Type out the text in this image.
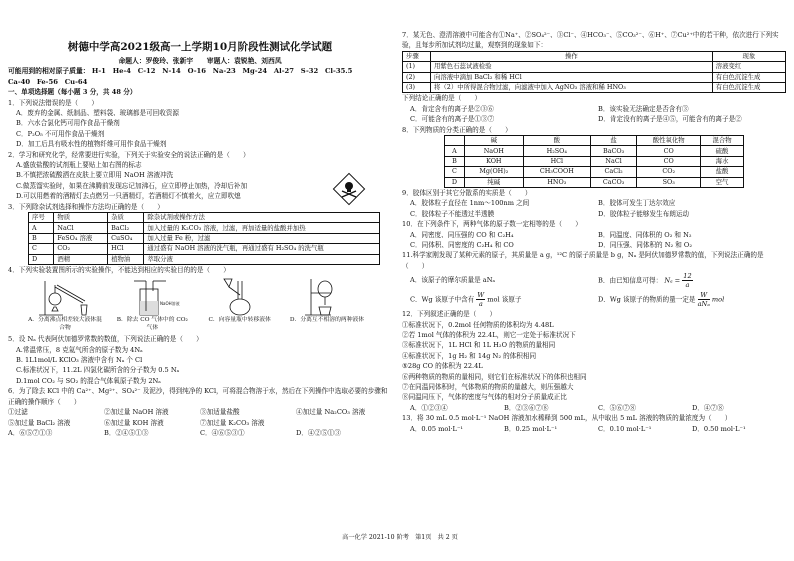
树德中学高2021级高一上学期10月阶段性测试化学试题
命题人：罗俊玲、张新宇　　审题人：袁锐艳、刘西凤
可能用到的相对原子质量： H-1　He-4　C-12　N-14　O-16　Na-23　Mg-24　Al-27　S-32　Cl-35.5
Ca-40　Fe-56　Cu-64
一、单项选择题（每小题 3 分，共 48 分）
1．下列说法错误的是（　　）
A．废弃的金属、纸制品、塑料袋、玻璃都是可回收资源
B．六水合氯化钙可用作食品干燥剂
C．P₂O₅ 不可用作食品干燥剂
D．加工后具有吸水性的植物纤维可用作食品干燥剂
2．学习和研究化学，经常要进行实验，下列关于实验安全的说法正确的是（　　）
A.盛放盐酸的试剂瓶上要贴上如右图的标志
B.不慎把浓硫酸洒在皮肤上要立即用 NaOH 溶液冲洗
C.做蒸馏实验时，如果在沸腾前发现忘记加沸石，应立即停止加热，冷却后补加
D.可以用燃着的酒精灯去点燃另一只酒精灯，若酒精灯不慎着火，应立即吹熄
3．下列除杂试剂选择和操作方法均正确的是（　　）
序号	物质	杂质	除杂试剂或操作方法
A	NaCl	BaCl₂	加入过量的 K₂CO₃ 溶液，过滤，再加适量的盐酸并加热
B	FeSO₄ 溶液	CuSO₄	加入过量 Fe 粉，过滤
C	CO₂	HCl	通过盛有 NaOH 溶液的洗气瓶，再通过盛有 H₂SO₄ 的洗气瓶
D	酒精	植物油	萃取分液
4．下列实验装置图所示的实验操作，不能达到相应的实验目的的是（　　）
A．分离沸点相差较大液体混合物
NaOH溶液
B．除去 CO 气体中的 CO₂ 气体
C．向容量瓶中转移液体	D．分离互不相溶的两种液体
5．设 Nₐ 代表阿伏加德罗常数的数值，下列说法正确的是（　　）
A.常温常压，8 克氦气所含的原子数为 4Nₐ
B. 1L1mol/L KClO₃ 溶液中含有 Nₐ 个 Cl
C.标准状况下，11.2L 四氯化碳所含的分子数为 0.5 Nₐ
D.1mol CO₂ 与 SO₂ 的混合气体氧原子数为 2Nₐ
6．为了除去 KCl 中的 Ca²⁺、Mg²⁺、SO₄²⁻ 及泥沙，得到纯净的 KCl，可将混合物溶于水，然后在下列操作中选取必要的步骤和正确的操作顺序（　　）
①过滤	②加过量 NaOH 溶液	③加适量盐酸	④加过量 Na₂CO₃ 溶液
⑤加过量 BaCl₂ 溶液	⑥加过量 KOH 溶液	⑦加过量 K₂CO₃ 溶液
A．⑥⑤⑦①③	B．②④⑤①③	C．④⑥⑤③①	D．④②⑤①③
7．某无色、澄清溶液中可能含有①Na⁺、②SO₄²⁻、③Cl⁻、④HCO₃⁻、⑤CO₃²⁻、⑥H⁺、⑦Cu²⁺中的若干种，依次进行下列实验，且每步所加试剂均过量，观察到的现象如下：
步骤	操作	现象
(1)	用紫色石蕊试液检验	溶液变红
(2)	向溶液中滴加 BaCl₂ 和稀 HCl	有白色沉淀生成
(3)	将（2）中所得混合物过滤，向滤液中加入 AgNO₃ 溶液和稀 HNO₃	有白色沉淀生成
下列结论正确的是（　　）
A．肯定含有的离子是②③⑥	B．该实验无法确定是否含有③
C．可能含有的离子是①③⑦	D．肯定没有的离子是④⑤，可能含有的离子是②
8．下列物质的分类正确的是（　　）
	碱	酸	盐	酸性氧化物	混合物
A	NaOH	H₂SO₄	BaCO₃	CO	硫酸
B	KOH	HCl	NaCl	CO	海水
C	Mg(OH)₂	CH₃COOH	CaCl₂	CO₂	盐酸
D	纯碱	HNO₃	CaCO₃	SO₃	空气
9．胶体区别于其它分散系的实质是（　　）
A．胶体粒子直径在 1nm～100nm 之间	B．胶体可发生丁达尔效应
C．胶体粒子不能透过半透膜	D．胶体粒子能够发生布朗运动
10．在下列条件下，两种气体的原子数一定相等的是（　　）
A．同密度、同压强的 CO 和 C₂H₄	B．同温度、同体积的 O₂ 和 N₂
C．同体积、同密度的 C₂H₄ 和 CO	D．同压强、同体积的 N₂ 和 O₂
11.科学家刚发现了某种元素的原子，其质量是 a g，¹²C 的原子质量是 b g，Nₐ 是阿伏加德罗常数的值，下列说法正确的是（　　）
A．该原子的摩尔质量是 aNₐ	B．由已知信息可得： $N_a = \frac{12}{a}$
C．Wg 该原子中含有 $\frac{W}{a}$ mol 该原子	D．Wg 该原子的物质的量一定是 $\frac{W}{\text{aNₐ}}$ mol
12．下列叙述正确的是（　　）
①标准状况下，0.2mol 任何物质的体积均为 4.48L
②若 1mol 气体的体积为 22.4L，则它一定处于标准状况下
③标准状况下，1L HCl 和 1L H₂O 的物质的量相同
④标准状况下，1g H₂ 和 14g N₂ 的体积相同
⑤28g CO 的体积为 22.4L
⑥两种物质的物质的量相同，则它们在标准状况下的体积也相同
⑦在同温同体积时，气体物质的物质的量越大，则压强越大
⑧同温同压下，气体的密度与气体的相对分子质量成正比
A．①②③④	B．②③⑥⑦⑧	C．⑤⑥⑦⑧	D．④⑦⑧
13．将 30 mL 0.5 mol·L⁻¹ NaOH 溶液加水稀释到 500 mL，从中取出 5 mL 溶液的物质的量浓度为（　　）
A．0.05 mol·L⁻¹	B．0.25 mol·L⁻¹	C．0.10 mol·L⁻¹	D．0.50 mol·L⁻¹
高一化学 2021-10 阶考　第1页　共 2 页
